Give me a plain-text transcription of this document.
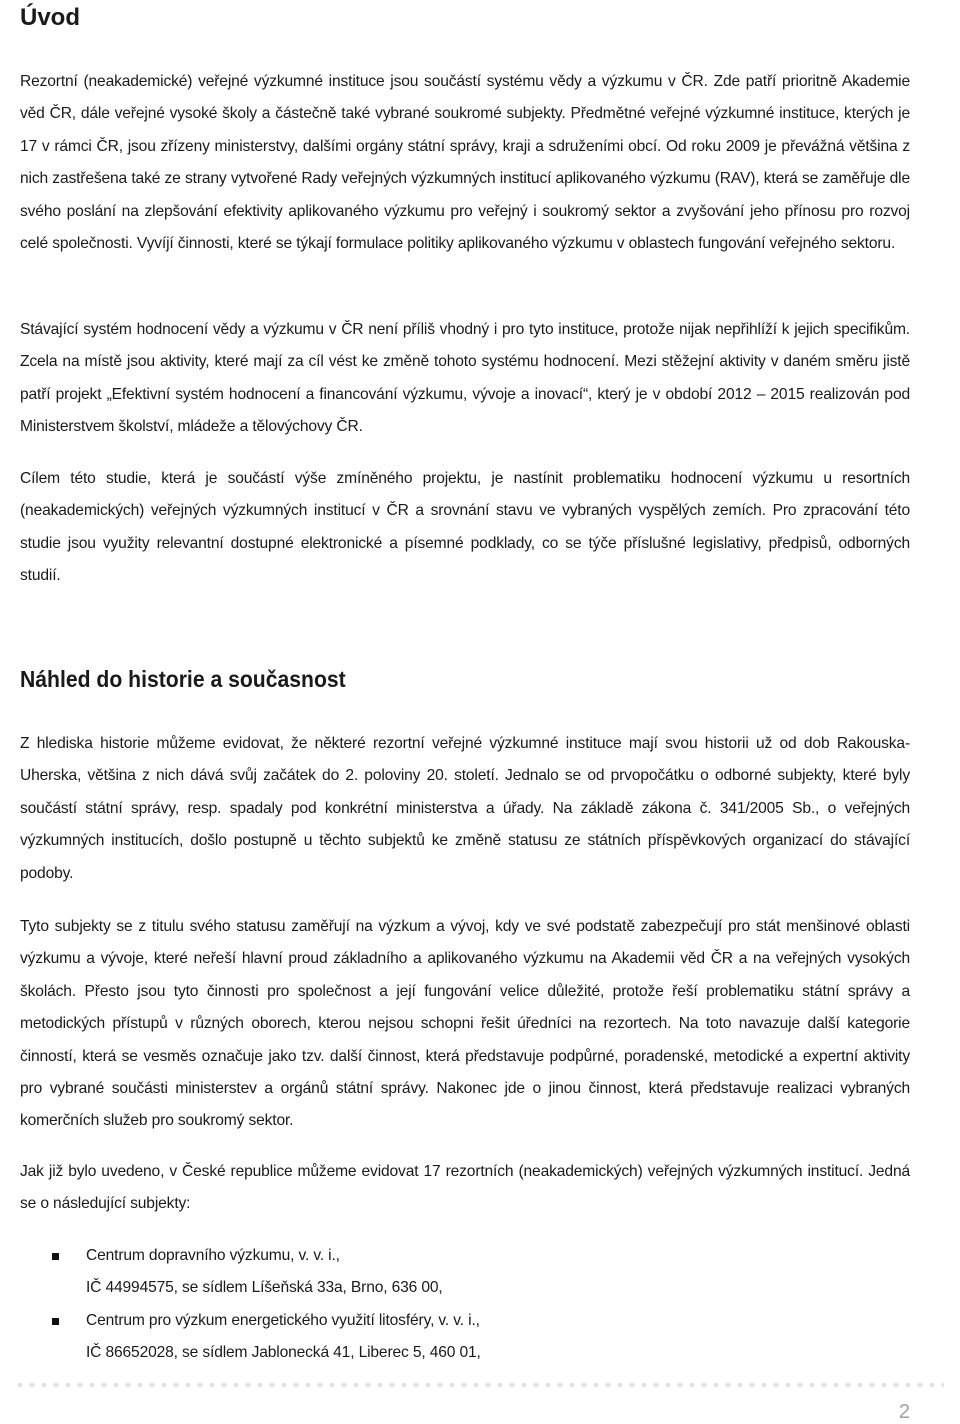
Úvod

Rezortní (neakademické) veřejné výzkumné instituce jsou součástí systému vědy a výzkumu v ČR. Zde patří prioritně Akademie věd ČR, dále veřejné vysoké školy a částečně také vybrané soukromé subjekty. Předmětné veřejné výzkumné instituce, kterých je 17 v rámci ČR, jsou zřízeny ministerstvy, dalšími orgány státní správy, kraji a sdruženími obcí. Od roku 2009 je převážná většina z nich zastřešena také ze strany vytvořené Rady veřejných výzkumných institucí aplikovaného výzkumu (RAV), která se zaměřuje dle svého poslání na zlepšování efektivity aplikovaného výzkumu pro veřejný i soukromý sektor a zvyšování jeho přínosu pro rozvoj celé společnosti. Vyvíjí činnosti, které se týkají formulace politiky aplikovaného výzkumu v oblastech fungování veřejného sektoru.

Stávající systém hodnocení vědy a výzkumu v ČR není příliš vhodný i pro tyto instituce, protože nijak nepřihlíží k jejich specifikům. Zcela na místě jsou aktivity, které mají za cíl vést ke změně tohoto systému hodnocení. Mezi stěžejní aktivity v daném směru jistě patří projekt „Efektivní systém hodnocení a financování výzkumu, vývoje a inovací“, který je v období 2012 – 2015 realizován pod Ministerstvem školství, mládeže a tělovýchovy ČR.

Cílem této studie, která je součástí výše zmíněného projektu, je nastínit problematiku hodnocení výzkumu u resortních (neakademických) veřejných výzkumných institucí v ČR a srovnání stavu ve vybraných vyspělých zemích. Pro zpracování této studie jsou využity relevantní dostupné elektronické a písemné podklady, co se týče příslušné legislativy, předpisů, odborných studií.

Náhled do historie a současnost

Z hlediska historie můžeme evidovat, že některé rezortní veřejné výzkumné instituce mají svou historii už od dob Rakouska-Uherska, většina z nich dává svůj začátek do 2. poloviny 20. století. Jednalo se od prvopočátku o odborné subjekty, které byly součástí státní správy, resp. spadaly pod konkrétní ministerstva a úřady. Na základě zákona č. 341/2005 Sb., o veřejných výzkumných institucích, došlo postupně u těchto subjektů ke změně statusu ze státních příspěvkových organizací do stávající podoby.

Tyto subjekty se z titulu svého statusu zaměřují na výzkum a vývoj, kdy ve své podstatě zabezpečují pro stát menšinové oblasti výzkumu a vývoje, které neřeší hlavní proud základního a aplikovaného výzkumu na Akademii věd ČR a na veřejných vysokých školách. Přesto jsou tyto činnosti pro společnost a její fungování velice důležité, protože řeší problematiku státní správy a metodických přístupů v různých oborech, kterou nejsou schopni řešit úředníci na rezortech. Na toto navazuje další kategorie činností, která se vesměs označuje jako tzv. další činnost, která představuje podpůrné, poradenské, metodické a expertní aktivity pro vybrané součásti ministerstev a orgánů státní správy. Nakonec jde o jinou činnost, která představuje realizaci vybraných komerčních služeb pro soukromý sektor.

Jak již bylo uvedeno, v České republice můžeme evidovat 17 rezortních (neakademických) veřejných výzkumných institucí. Jedná se o následující subjekty:

Centrum dopravního výzkumu, v. v. i.,
IČ 44994575, se sídlem Líšeňská 33a, Brno, 636 00,
Centrum pro výzkum energetického využití litosféry, v. v. i.,
IČ 86652028, se sídlem Jablonecká 41, Liberec 5, 460 01,
2
